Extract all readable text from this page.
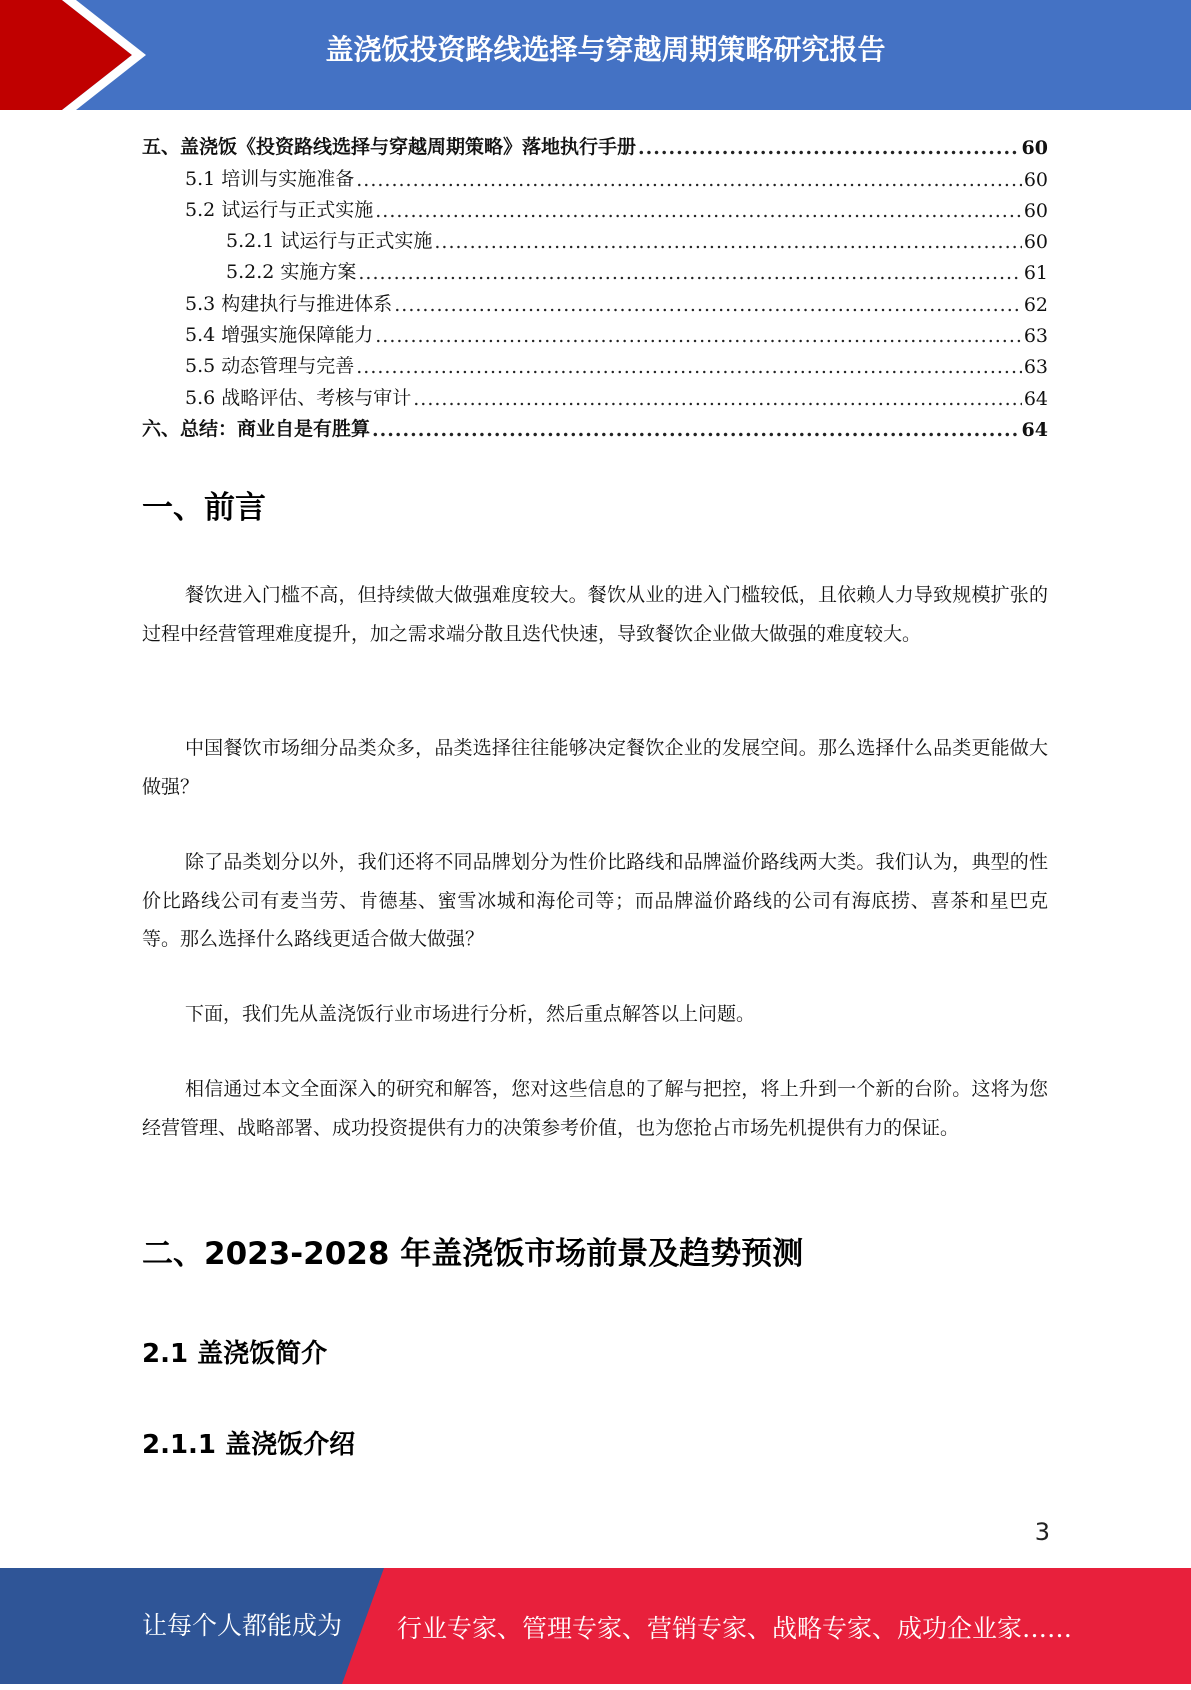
盖浇饭投资路线选择与穿越周期策略研究报告
五、盖浇饭《投资路线选择与穿越周期策略》落地执行手册 .....	60
5.1 培训与实施准备 .....	60
5.2 试运行与正式实施 .....	60
5.2.1 试运行与正式实施 .....	60
5.2.2 实施方案 .....	61
5.3 构建执行与推进体系 .....	62
5.4 增强实施保障能力 .....	63
5.5 动态管理与完善 .....	63
5.6 战略评估、考核与审计 .....	64
六、总结：商业自是有胜算 .....	64
一、前言

餐饮进入门槛不高，但持续做大做强难度较大。餐饮从业的进入门槛较低，且依赖人力导致规模扩张的过程中经营管理难度提升，加之需求端分散且迭代快速，导致餐饮企业做大做强的难度较大。

中国餐饮市场细分品类众多，品类选择往往能够决定餐饮企业的发展空间。那么选择什么品类更能做大做强？

除了品类划分以外，我们还将不同品牌划分为性价比路线和品牌溢价路线两大类。我们认为，典型的性价比路线公司有麦当劳、肯德基、蜜雪冰城和海伦司等；而品牌溢价路线的公司有海底捞、喜茶和星巴克等。那么选择什么路线更适合做大做强？

下面，我们先从盖浇饭行业市场进行分析，然后重点解答以上问题。

相信通过本文全面深入的研究和解答，您对这些信息的了解与把控，将上升到一个新的台阶。这将为您经营管理、战略部署、成功投资提供有力的决策参考价值，也为您抢占市场先机提供有力的保证。

二、2023-2028 年盖浇饭市场前景及趋势预测
2.1 盖浇饭简介
2.1.1 盖浇饭介绍
3
让每个人都能成为 行业专家、管理专家、营销专家、战略专家、成功企业家……
